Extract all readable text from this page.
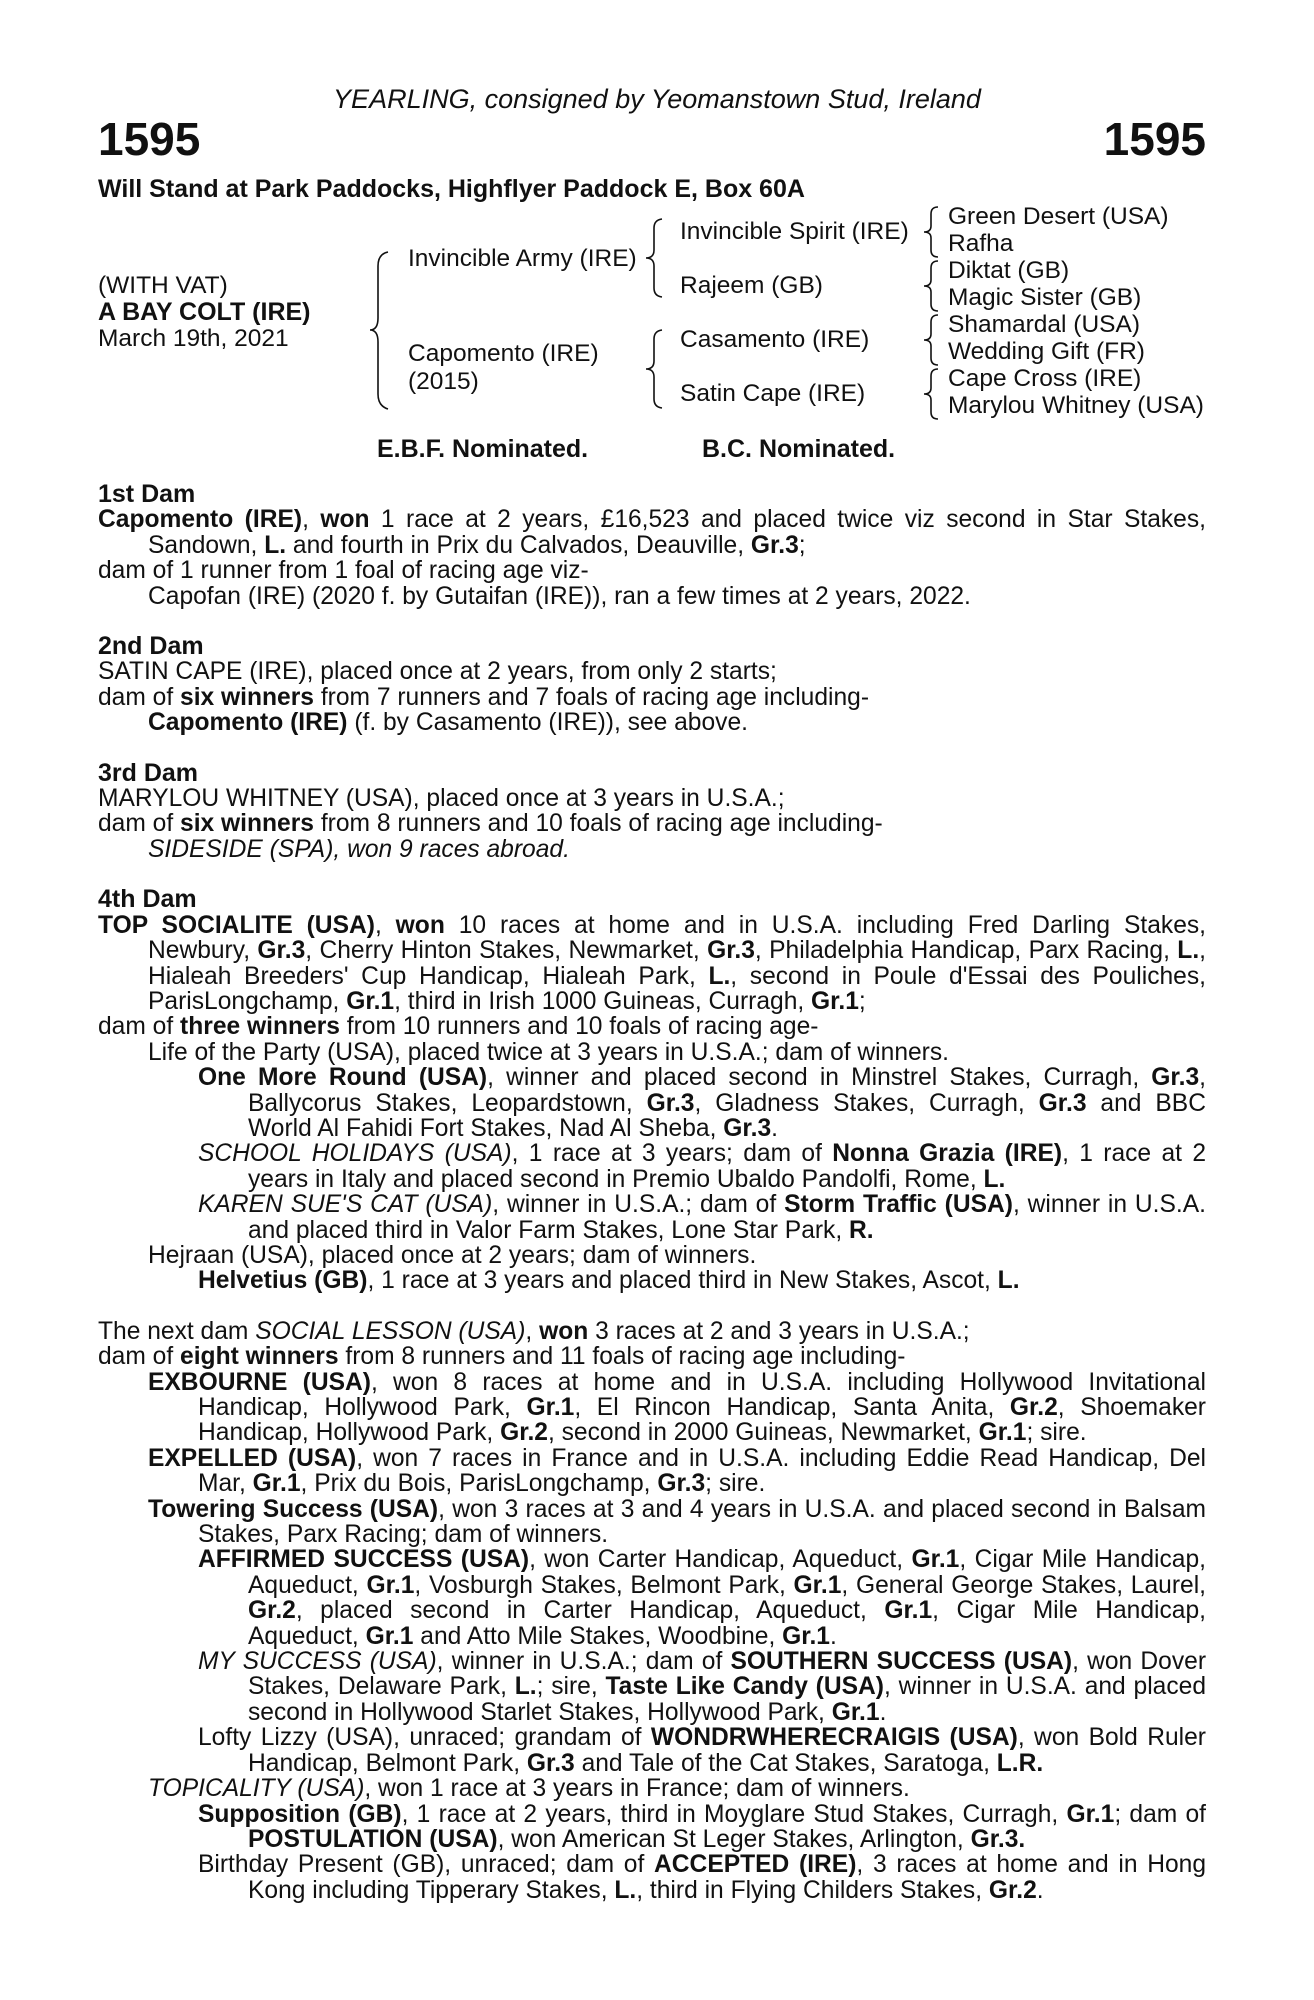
YEARLING, consigned by Yeomanstown Stud, Ireland
1595	1595
Will Stand at Park Paddocks, Highflyer Paddock E, Box 60A
(WITH VAT)
A BAY COLT (IRE)
March 19th, 2021
Invincible Army (IRE)
Capomento (IRE)
(2015)
Invincible Spirit (IRE)
Rajeem (GB)
Casamento (IRE)
Satin Cape (IRE)
Green Desert (USA)
Rafha
Diktat (GB)
Magic Sister (GB)
Shamardal (USA)
Wedding Gift (FR)
Cape Cross (IRE)
Marylou Whitney (USA)
E.B.F. Nominated.	B.C. Nominated.
1st Dam
Capomento (IRE), won 1 race at 2 years, £16,523 and placed twice viz second in Star Stakes, Sandown, L. and fourth in Prix du Calvados, Deauville, Gr.3;
dam of 1 runner from 1 foal of racing age viz-
Capofan (IRE) (2020 f. by Gutaifan (IRE)), ran a few times at 2 years, 2022.
2nd Dam
SATIN CAPE (IRE), placed once at 2 years, from only 2 starts;
dam of six winners from 7 runners and 7 foals of racing age including-
Capomento (IRE) (f. by Casamento (IRE)), see above.
3rd Dam
MARYLOU WHITNEY (USA), placed once at 3 years in U.S.A.;
dam of six winners from 8 runners and 10 foals of racing age including-
SIDESIDE (SPA), won 9 races abroad.
4th Dam
TOP SOCIALITE (USA), won 10 races at home and in U.S.A. including Fred Darling Stakes, Newbury, Gr.3, Cherry Hinton Stakes, Newmarket, Gr.3, Philadelphia Handicap, Parx Racing, L., Hialeah Breeders' Cup Handicap, Hialeah Park, L., second in Poule d'Essai des Pouliches, ParisLongchamp, Gr.1, third in Irish 1000 Guineas, Curragh, Gr.1;
dam of three winners from 10 runners and 10 foals of racing age-
Life of the Party (USA), placed twice at 3 years in U.S.A.; dam of winners.
One More Round (USA), winner and placed second in Minstrel Stakes, Curragh, Gr.3, Ballycorus Stakes, Leopardstown, Gr.3, Gladness Stakes, Curragh, Gr.3 and BBC World Al Fahidi Fort Stakes, Nad Al Sheba, Gr.3.
SCHOOL HOLIDAYS (USA), 1 race at 3 years; dam of Nonna Grazia (IRE), 1 race at 2 years in Italy and placed second in Premio Ubaldo Pandolfi, Rome, L.
KAREN SUE'S CAT (USA), winner in U.S.A.; dam of Storm Traffic (USA), winner in U.S.A. and placed third in Valor Farm Stakes, Lone Star Park, R.
Hejraan (USA), placed once at 2 years; dam of winners.
Helvetius (GB), 1 race at 3 years and placed third in New Stakes, Ascot, L.
The next dam SOCIAL LESSON (USA), won 3 races at 2 and 3 years in U.S.A.;
dam of eight winners from 8 runners and 11 foals of racing age including-
EXBOURNE (USA), won 8 races at home and in U.S.A. including Hollywood Invitational Handicap, Hollywood Park, Gr.1, El Rincon Handicap, Santa Anita, Gr.2, Shoemaker Handicap, Hollywood Park, Gr.2, second in 2000 Guineas, Newmarket, Gr.1; sire.
EXPELLED (USA), won 7 races in France and in U.S.A. including Eddie Read Handicap, Del Mar, Gr.1, Prix du Bois, ParisLongchamp, Gr.3; sire.
Towering Success (USA), won 3 races at 3 and 4 years in U.S.A. and placed second in Balsam Stakes, Parx Racing; dam of winners.
AFFIRMED SUCCESS (USA), won Carter Handicap, Aqueduct, Gr.1, Cigar Mile Handicap, Aqueduct, Gr.1, Vosburgh Stakes, Belmont Park, Gr.1, General George Stakes, Laurel, Gr.2, placed second in Carter Handicap, Aqueduct, Gr.1, Cigar Mile Handicap, Aqueduct, Gr.1 and Atto Mile Stakes, Woodbine, Gr.1.
MY SUCCESS (USA), winner in U.S.A.; dam of SOUTHERN SUCCESS (USA), won Dover Stakes, Delaware Park, L.; sire, Taste Like Candy (USA), winner in U.S.A. and placed second in Hollywood Starlet Stakes, Hollywood Park, Gr.1.
Lofty Lizzy (USA), unraced; grandam of WONDRWHERECRAIGIS (USA), won Bold Ruler Handicap, Belmont Park, Gr.3 and Tale of the Cat Stakes, Saratoga, L.R.
TOPICALITY (USA), won 1 race at 3 years in France; dam of winners.
Supposition (GB), 1 race at 2 years, third in Moyglare Stud Stakes, Curragh, Gr.1; dam of POSTULATION (USA), won American St Leger Stakes, Arlington, Gr.3.
Birthday Present (GB), unraced; dam of ACCEPTED (IRE), 3 races at home and in Hong Kong including Tipperary Stakes, L., third in Flying Childers Stakes, Gr.2.
